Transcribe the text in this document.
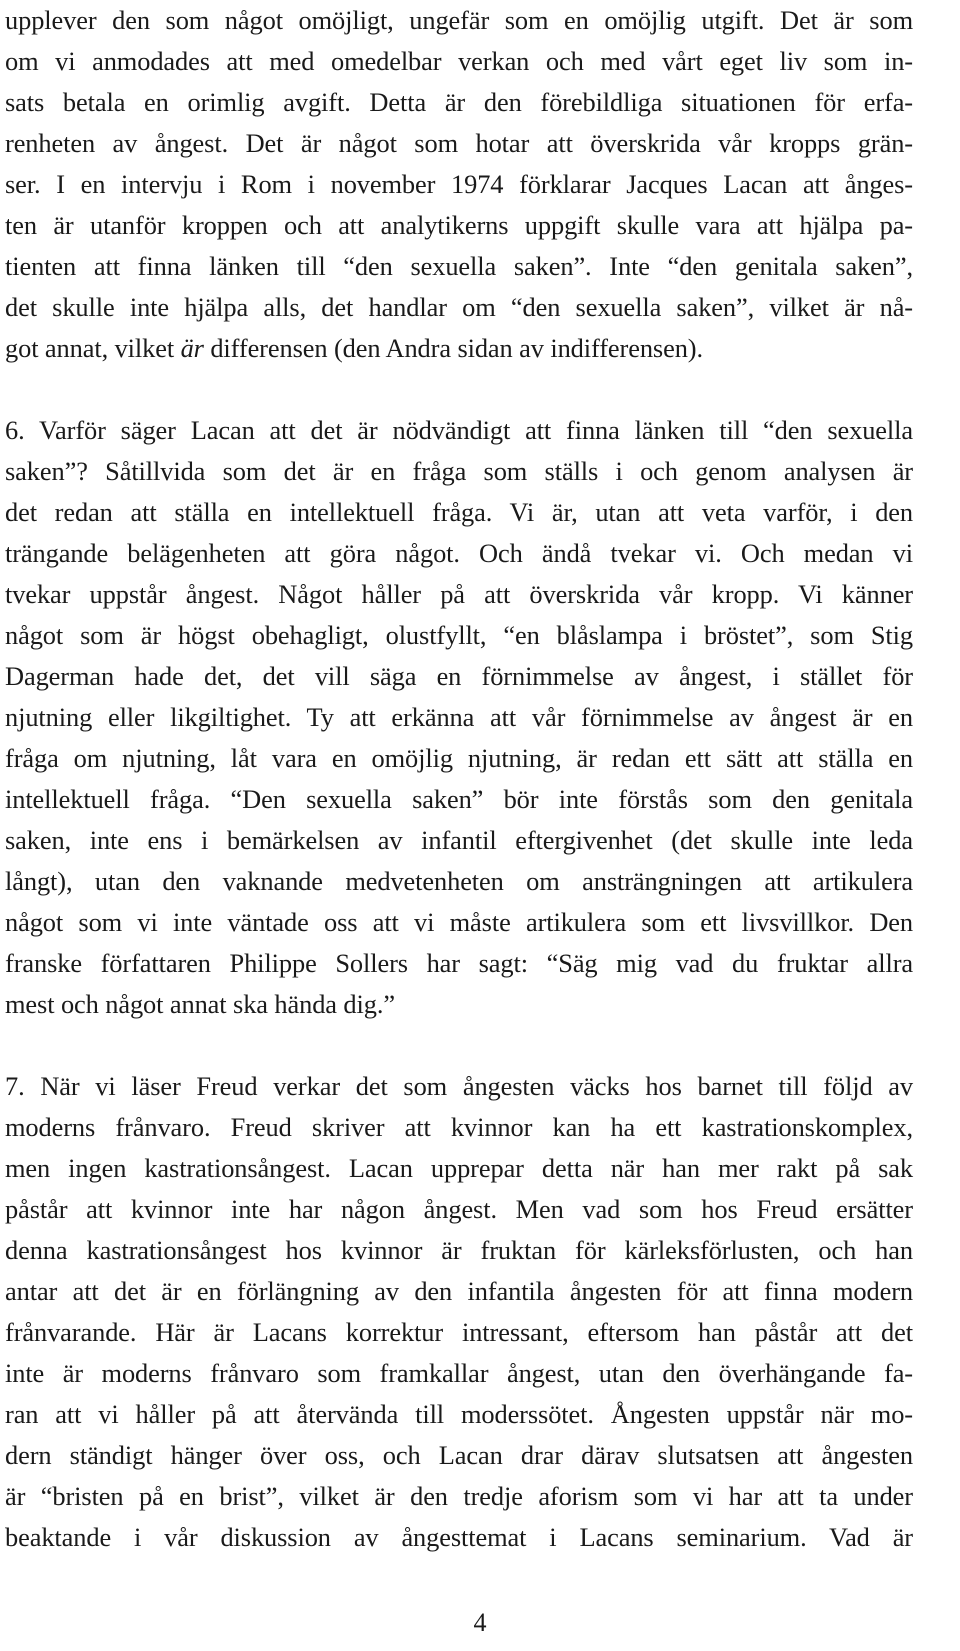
upplever den som något omöjligt, ungefär som en omöjlig utgift. Det är som
om vi anmodades att med omedelbar verkan och med vårt eget liv som in-
sats betala en orimlig avgift. Detta är den förebildliga situationen för erfa-
renheten av ångest. Det är något som hotar att överskrida vår kropps grän-
ser. I en intervju i Rom i november 1974 förklarar Jacques Lacan att ånges-
ten är utanför kroppen och att analytikerns uppgift skulle vara att hjälpa pa-
tienten att finna länken till “den sexuella saken”. Inte “den genitala saken”,
det skulle inte hjälpa alls, det handlar om “den sexuella saken”, vilket är nå-
got annat, vilket är differensen (den Andra sidan av indifferensen).
6. Varför säger Lacan att det är nödvändigt att finna länken till “den sexuella
saken”? Såtillvida som det är en fråga som ställs i och genom analysen är
det redan att ställa en intellektuell fråga. Vi är, utan att veta varför, i den
trängande belägenheten att göra något. Och ändå tvekar vi. Och medan vi
tvekar uppstår ångest. Något håller på att överskrida vår kropp. Vi känner
något som är högst obehagligt, olustfyllt, “en blåslampa i bröstet”, som Stig
Dagerman hade det, det vill säga en förnimmelse av ångest, i stället för
njutning eller likgiltighet. Ty att erkänna att vår förnimmelse av ångest är en
fråga om njutning, låt vara en omöjlig njutning, är redan ett sätt att ställa en
intellektuell fråga. “Den sexuella saken” bör inte förstås som den genitala
saken, inte ens i bemärkelsen av infantil eftergivenhet (det skulle inte leda
långt), utan den vaknande medvetenheten om ansträngningen att artikulera
något som vi inte väntade oss att vi måste artikulera som ett livsvillkor. Den
franske författaren Philippe Sollers har sagt: “Säg mig vad du fruktar allra
mest och något annat ska hända dig.”
7. När vi läser Freud verkar det som ångesten väcks hos barnet till följd av
moderns frånvaro. Freud skriver att kvinnor kan ha ett kastrationskomplex,
men ingen kastrationsångest. Lacan upprepar detta när han mer rakt på sak
påstår att kvinnor inte har någon ångest. Men vad som hos Freud ersätter
denna kastrationsångest hos kvinnor är fruktan för kärleksförlusten, och han
antar att det är en förlängning av den infantila ångesten för att finna modern
frånvarande. Här är Lacans korrektur intressant, eftersom han påstår att det
inte är moderns frånvaro som framkallar ångest, utan den överhängande fa-
ran att vi håller på att återvända till moderssötet. Ångesten uppstår när mo-
dern ständigt hänger över oss, och Lacan drar därav slutsatsen att ångesten
är “bristen på en brist”, vilket är den tredje aforism som vi har att ta under
beaktande i vår diskussion av ångesttemat i Lacans seminarium. Vad är
4
